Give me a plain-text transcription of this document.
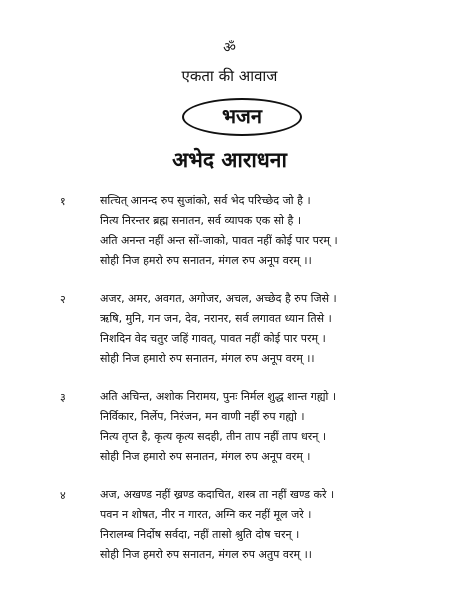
ॐ
एकता की आवाज
भजन
अभेद आराधना
१	सत्चित् आनन्द रुप सुजांको, सर्व भेद परिच्छेद जो है ।
नित्य निरन्तर ब्रह्म सनातन, सर्व व्यापक एक सो है ।
अति अनन्त नहीं अन्त सों-जाको, पावत नहीं कोई पार परम् ।
सोही निज हमरो रुप सनातन, मंगल रुप अनूप वरम् ।।
२	अजर, अमर, अवगत, अगोजर, अचल, अच्छेद है रुप जिसे ।
ऋषि, मुनि, गन जन, देव, नरानर, सर्व लगावत ध्यान तिसे ।
निशदिन वेद चतुर जहिं गावत्, पावत नहीं कोई पार परम् ।
सोही निज हमारो रुप सनातन, मंगल रुप अनूप वरम् ।।
३	अति अचिन्त, अशोक निरामय, पुनः निर्मल शुद्ध शान्त गह्यो ।
निर्विकार, निर्लेप, निरंजन, मन वाणी नहीं रुप गह्यो ।
नित्य तृप्त है, कृत्य कृत्य सदही, तीन ताप नहीं ताप धरन् ।
सोही निज हमारो रुप सनातन, मंगल रुप अनूप वरम् ।
४	अज, अखण्ड नहीं ख्रण्ड कदाचित, शस्त्र ता नहीं खण्ड करे ।
पवन न शोषत, नीर न गारत, अग्नि कर नहीं मूल जरे ।
निरालम्ब निर्दोष सर्वदा, नहीं तासो श्रुति दोष चरन् ।
सोही निज हमरो रुप सनातन, मंगल रुप अतुप वरम् ।।
